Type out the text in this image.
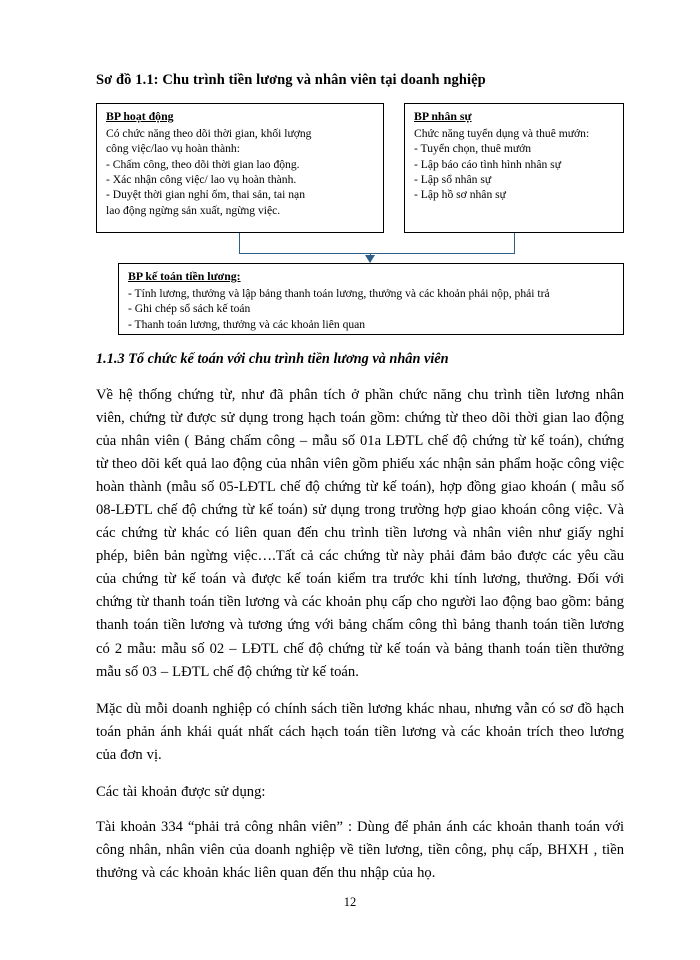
Sơ đồ 1.1: Chu trình tiền lương và nhân viên tại doanh nghiệp
BP hoạt động
Có chức năng theo dõi thời gian, khối lượng
công việc/lao vụ hoàn thành:
- Chấm công, theo dõi thời gian lao động.
- Xác nhận công việc/ lao vụ hoàn thành.
- Duyệt thời gian nghỉ ốm, thai sản, tai nạn
lao động ngừng sản xuất, ngừng việc.
BP nhân sự
Chức năng tuyển dụng và thuê mướn:
- Tuyển chọn, thuê mướn
- Lập báo cáo tình hình nhân sự
- Lập sổ nhân sự
- Lập hồ sơ nhân sự
BP kế toán tiền lương:
- Tính lương, thưởng và lập bảng thanh toán lương, thưởng và các khoản phải nộp, phải trả
- Ghi chép sổ sách kế toán
- Thanh toán lương, thưởng và các khoản liên quan
1.1.3 Tổ chức kế toán với chu trình tiền lương và nhân viên

Về hệ thống chứng từ, như đã phân tích ở phần chức năng chu trình tiền lương nhân viên, chứng từ được sử dụng trong hạch toán gồm: chứng từ theo dõi thời gian lao động của nhân viên ( Bảng chấm công – mẫu số 01a LĐTL chế độ chứng từ kế toán), chứng từ theo dõi kết quả lao động của nhân viên gồm phiếu xác nhận sản phẩm hoặc công việc hoàn thành (mẫu số 05-LĐTL chế độ chứng từ kế toán), hợp đồng giao khoán ( mẫu số 08-LĐTL chế độ chứng từ kế toán) sử dụng trong trường hợp giao khoán công việc. Và các chứng từ khác có liên quan đến chu trình tiền lương và nhân viên như giấy nghỉ phép, biên bản ngừng việc….Tất cả các chứng từ này phải đảm bảo được các yêu cầu của chứng từ kế toán và được kế toán kiểm tra trước khi tính lương, thưởng. Đối với chứng từ thanh toán tiền lương và các khoản phụ cấp cho người lao động bao gồm: bảng thanh toán tiền lương và tương ứng với bảng chấm công thì bảng thanh toán tiền lương có 2 mẫu: mẫu số 02 – LĐTL chế độ chứng từ kế toán và bảng thanh toán tiền thưởng mẫu số 03 – LĐTL chế độ chứng từ kế toán.

Mặc dù mỗi doanh nghiệp có chính sách tiền lương khác nhau, nhưng vẫn có sơ đồ hạch toán phản ánh khái quát nhất cách hạch toán tiền lương và các khoản trích theo lương của đơn vị.

Các tài khoản được sử dụng:

Tài khoản 334 “phải trả công nhân viên” : Dùng để phản ánh các khoản thanh toán với công nhân, nhân viên của doanh nghiệp về tiền lương, tiền công, phụ cấp, BHXH , tiền thưởng và các khoản khác liên quan đến thu nhập của họ.

12
